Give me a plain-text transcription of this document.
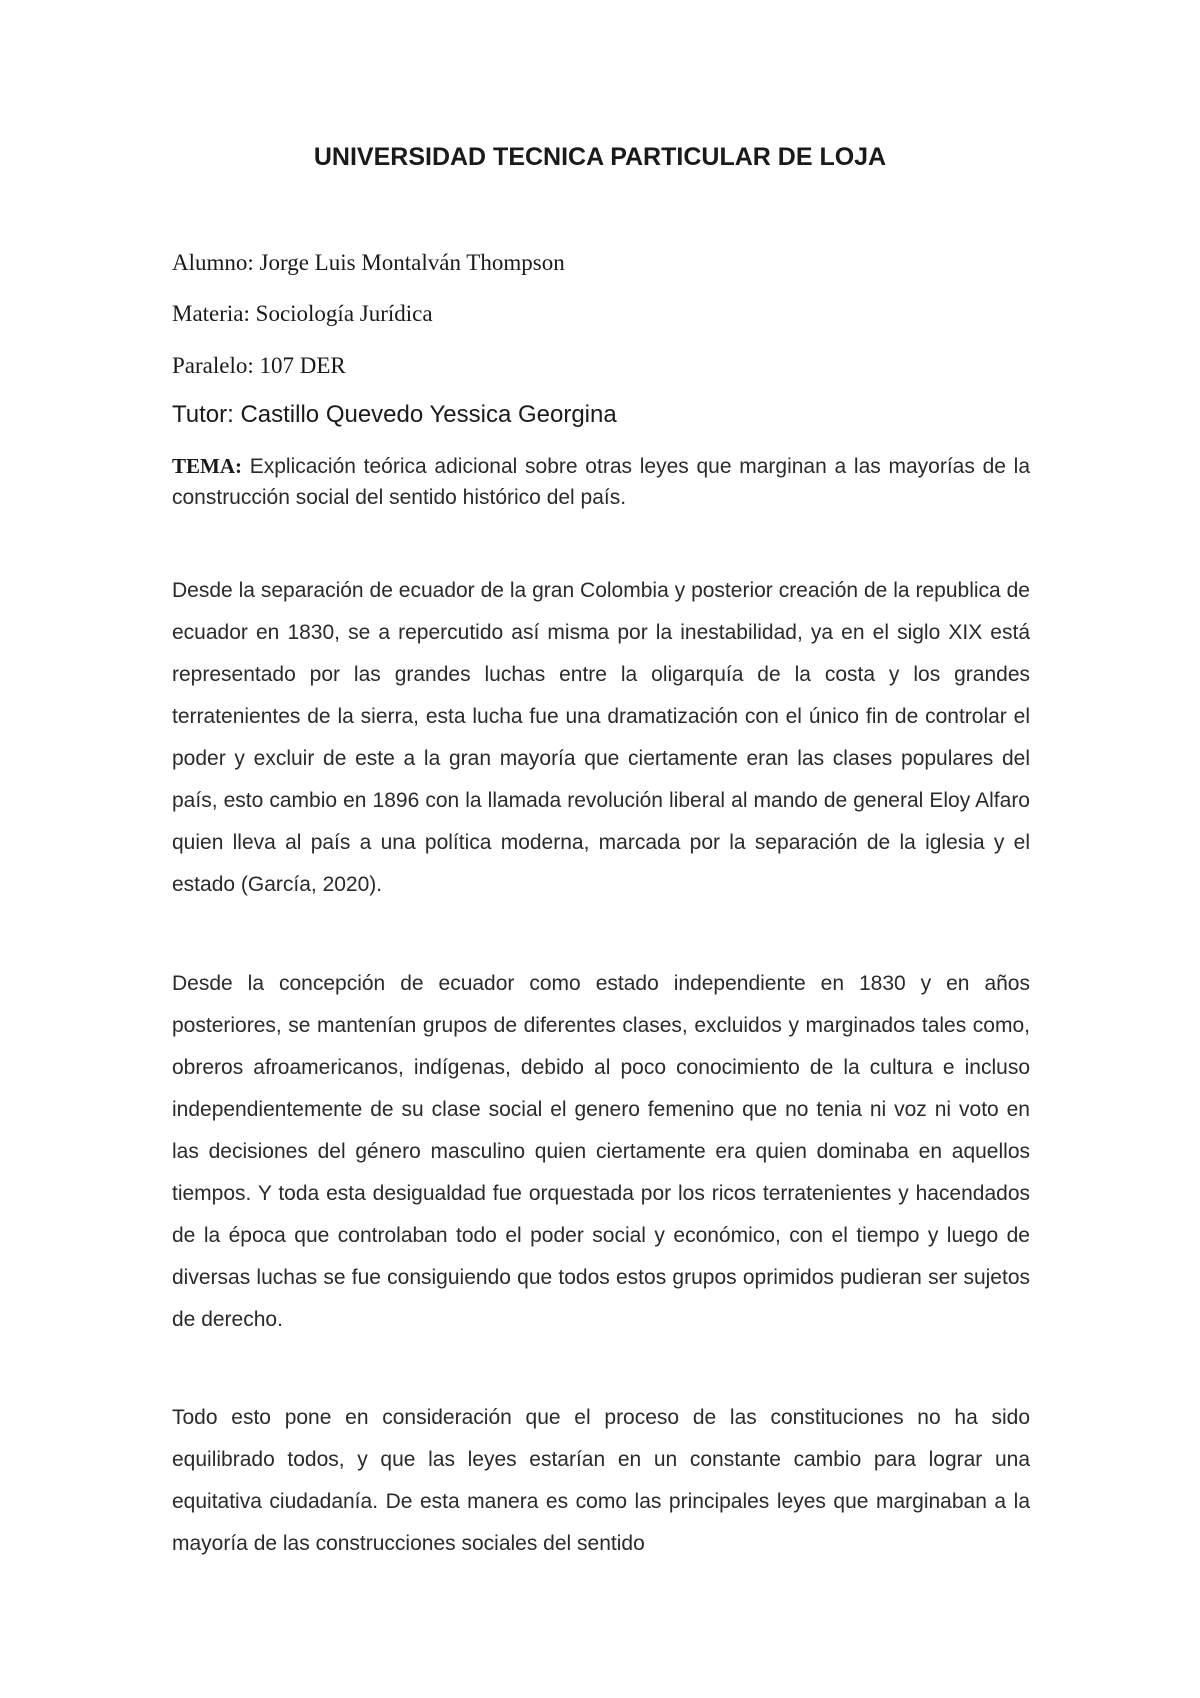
UNIVERSIDAD TECNICA PARTICULAR DE LOJA
Alumno: Jorge Luis Montalván Thompson
Materia: Sociología Jurídica
Paralelo: 107 DER
Tutor: Castillo Quevedo Yessica Georgina
TEMA: Explicación teórica adicional sobre otras leyes que marginan a las mayorías de la construcción social del sentido histórico del país.

Desde la separación de ecuador de la gran Colombia y posterior creación de la republica de ecuador en 1830, se a repercutido así misma por la inestabilidad, ya en el siglo XIX está representado por las grandes luchas entre la oligarquía de la costa y los grandes terratenientes de la sierra, esta lucha fue una dramatización con el único fin de controlar el poder y excluir de este a la gran mayoría que ciertamente eran las clases populares del país, esto cambio en 1896 con la llamada revolución liberal al mando de general Eloy Alfaro quien lleva al país a una política moderna, marcada por la separación de la iglesia y el estado (García, 2020).

Desde la concepción de ecuador como estado independiente en 1830 y en años posteriores, se mantenían grupos de diferentes clases, excluidos y marginados tales como, obreros afroamericanos, indígenas, debido al poco conocimiento de la cultura e incluso independientemente de su clase social el genero femenino que no tenia ni voz ni voto en las decisiones del género masculino quien ciertamente era quien dominaba en aquellos tiempos. Y toda esta desigualdad fue orquestada por los ricos terratenientes y hacendados de la época que controlaban todo el poder social y económico, con el tiempo y luego de diversas luchas se fue consiguiendo que todos estos grupos oprimidos pudieran ser sujetos de derecho.

Todo esto pone en consideración que el proceso de las constituciones no ha sido equilibrado todos, y que las leyes estarían en un constante cambio para lograr una equitativa ciudadanía. De esta manera es como las principales leyes que marginaban a la mayoría de las construcciones sociales del sentido
